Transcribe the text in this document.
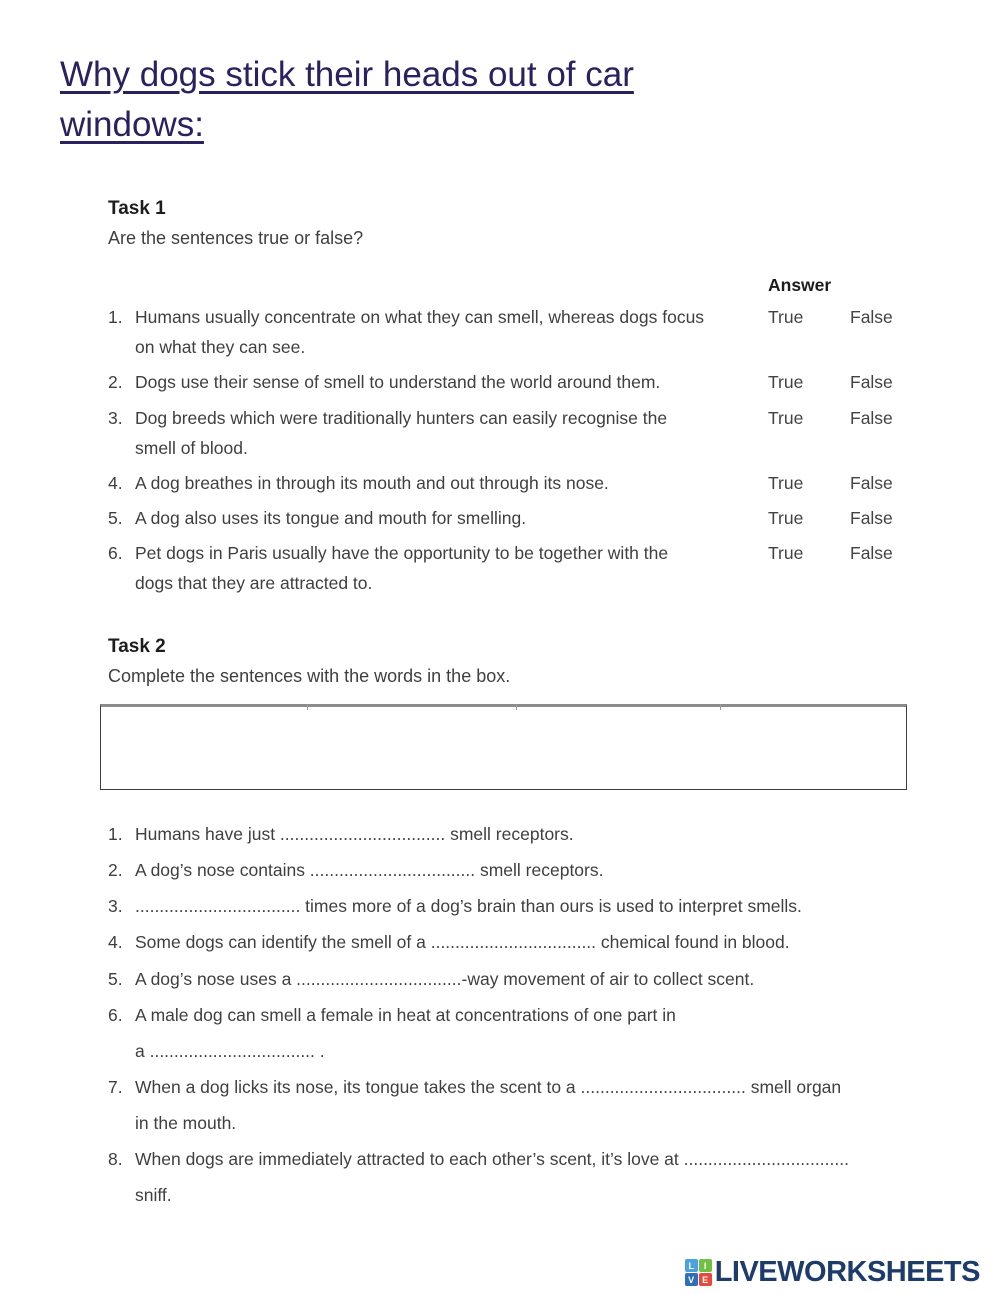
Why dogs stick their heads out of car
windows:
Task 1

Are the sentences true or false?

Answer
1. Humans usually concentrate on what they can smell, whereas dogs focus
on what they can see.
True	False
2. Dogs use their sense of smell to understand the world around them.	True	False
3. Dog breeds which were traditionally hunters can easily recognise the
smell of blood.
True	False
4. A dog breathes in through its mouth and out through its nose.	True	False
5. A dog also uses its tongue and mouth for smelling.	True	False
6. Pet dogs in Paris usually have the opportunity to be together with the
dogs that they are attracted to.
True	False
Task 2

Complete the sentences with the words in the box.

1. Humans have just .................................. smell receptors.
2. A dog’s nose contains .................................. smell receptors.
3. .................................. times more of a dog’s brain than ours is used to interpret smells.
4. Some dogs can identify the smell of a .................................. chemical found in blood.
5. A dog’s nose uses a ..................................-way movement of air to collect scent.
6. A male dog can smell a female in heat at concentrations of one part in
a .................................. .
7. When a dog licks its nose, its tongue takes the scent to a .................................. smell organ
in the mouth.
8. When dogs are immediately attracted to each other’s scent, it’s love at ..................................
sniff.
L	I
V E LIVEWORKSHEETS
